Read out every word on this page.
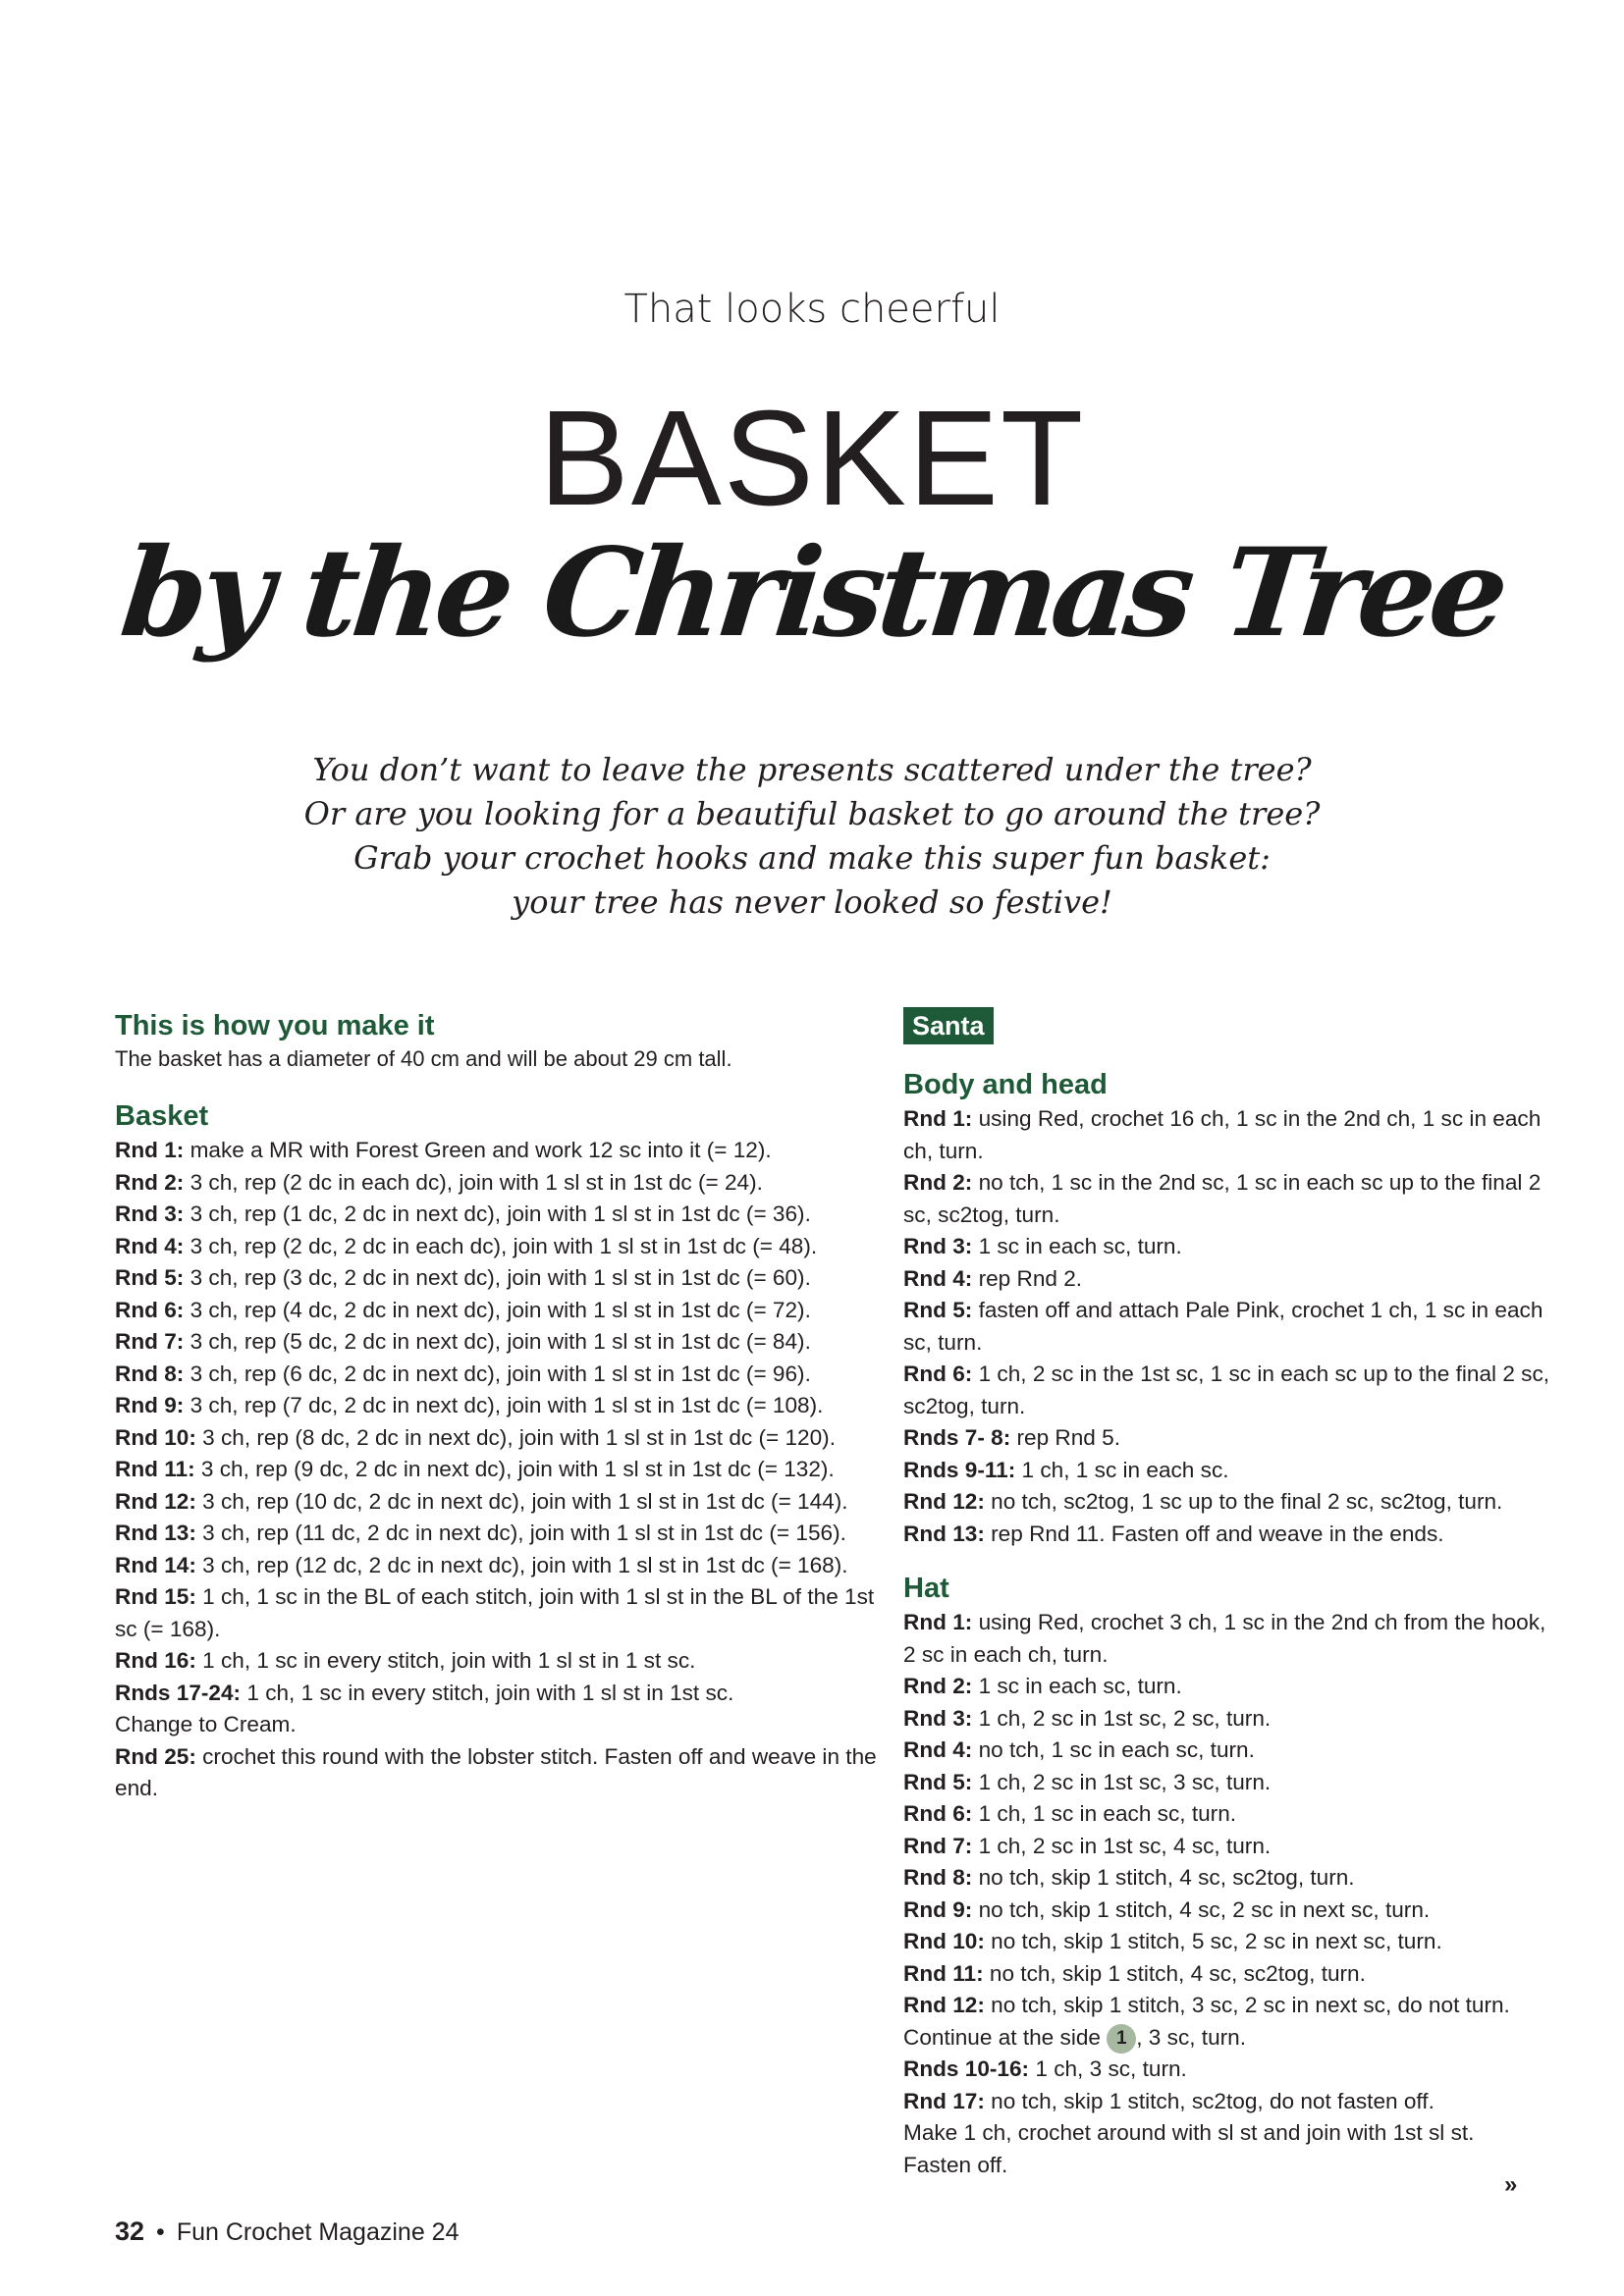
That looks cheerful
BASKET
by the Christmas Tree
You don’t want to leave the presents scattered under the tree?
Or are you looking for a beautiful basket to go around the tree?
Grab your crochet hooks and make this super fun basket:
your tree has never looked so festive!
This is how you make it
The basket has a diameter of 40 cm and will be about 29 cm tall.
Basket
Rnd 1: make a MR with Forest Green and work 12 sc into it (= 12).
Rnd 2: 3 ch, rep (2 dc in each dc), join with 1 sl st in 1st dc (= 24).
Rnd 3: 3 ch, rep (1 dc, 2 dc in next dc), join with 1 sl st in 1st dc (= 36).
Rnd 4: 3 ch, rep (2 dc, 2 dc in each dc), join with 1 sl st in 1st dc (= 48).
Rnd 5: 3 ch, rep (3 dc, 2 dc in next dc), join with 1 sl st in 1st dc (= 60).
Rnd 6: 3 ch, rep (4 dc, 2 dc in next dc), join with 1 sl st in 1st dc (= 72).
Rnd 7: 3 ch, rep (5 dc, 2 dc in next dc), join with 1 sl st in 1st dc (= 84).
Rnd 8: 3 ch, rep (6 dc, 2 dc in next dc), join with 1 sl st in 1st dc (= 96).
Rnd 9: 3 ch, rep (7 dc, 2 dc in next dc), join with 1 sl st in 1st dc (= 108).
Rnd 10: 3 ch, rep (8 dc, 2 dc in next dc), join with 1 sl st in 1st dc (= 120).
Rnd 11: 3 ch, rep (9 dc, 2 dc in next dc), join with 1 sl st in 1st dc (= 132).
Rnd 12: 3 ch, rep (10 dc, 2 dc in next dc), join with 1 sl st in 1st dc (= 144).
Rnd 13: 3 ch, rep (11 dc, 2 dc in next dc), join with 1 sl st in 1st dc (= 156).
Rnd 14: 3 ch, rep (12 dc, 2 dc in next dc), join with 1 sl st in 1st dc (= 168).
Rnd 15: 1 ch, 1 sc in the BL of each stitch, join with 1 sl st in the BL of the 1st sc (= 168).
Rnd 16: 1 ch, 1 sc in every stitch, join with 1 sl st in 1 st sc.
Rnds 17-24: 1 ch, 1 sc in every stitch, join with 1 sl st in 1st sc.
Change to Cream.
Rnd 25: crochet this round with the lobster stitch. Fasten off and weave in the end.
Santa
Body and head
Rnd 1: using Red, crochet 16 ch, 1 sc in the 2nd ch, 1 sc in each ch, turn.
Rnd 2: no tch, 1 sc in the 2nd sc, 1 sc in each sc up to the final 2 sc, sc2tog, turn.
Rnd 3: 1 sc in each sc, turn.
Rnd 4: rep Rnd 2.
Rnd 5: fasten off and attach Pale Pink, crochet 1 ch, 1 sc in each sc, turn.
Rnd 6: 1 ch, 2 sc in the 1st sc, 1 sc in each sc up to the final 2 sc, sc2tog, turn.
Rnds 7- 8: rep Rnd 5.
Rnds 9-11: 1 ch, 1 sc in each sc.
Rnd 12: no tch, sc2tog, 1 sc up to the final 2 sc, sc2tog, turn.
Rnd 13: rep Rnd 11. Fasten off and weave in the ends.
Hat
Rnd 1: using Red, crochet 3 ch, 1 sc in the 2nd ch from the hook, 2 sc in each ch, turn.
Rnd 2: 1 sc in each sc, turn.
Rnd 3: 1 ch, 2 sc in 1st sc, 2 sc, turn.
Rnd 4: no tch, 1 sc in each sc, turn.
Rnd 5: 1 ch, 2 sc in 1st sc, 3 sc, turn.
Rnd 6: 1 ch, 1 sc in each sc, turn.
Rnd 7: 1 ch, 2 sc in 1st sc, 4 sc, turn.
Rnd 8: no tch, skip 1 stitch, 4 sc, sc2tog, turn.
Rnd 9: no tch, skip 1 stitch, 4 sc, 2 sc in next sc, turn.
Rnd 10: no tch, skip 1 stitch, 5 sc, 2 sc in next sc, turn.
Rnd 11: no tch, skip 1 stitch, 4 sc, sc2tog, turn.
Rnd 12: no tch, skip 1 stitch, 3 sc, 2 sc in next sc, do not turn.
Continue at the side 1 , 3 sc, turn.
Rnds 10-16: 1 ch, 3 sc, turn.
Rnd 17: no tch, skip 1 stitch, sc2tog, do not fasten off.
Make 1 ch, crochet around with sl st and join with 1st sl st.
Fasten off.
»
32 • Fun Crochet Magazine 24
